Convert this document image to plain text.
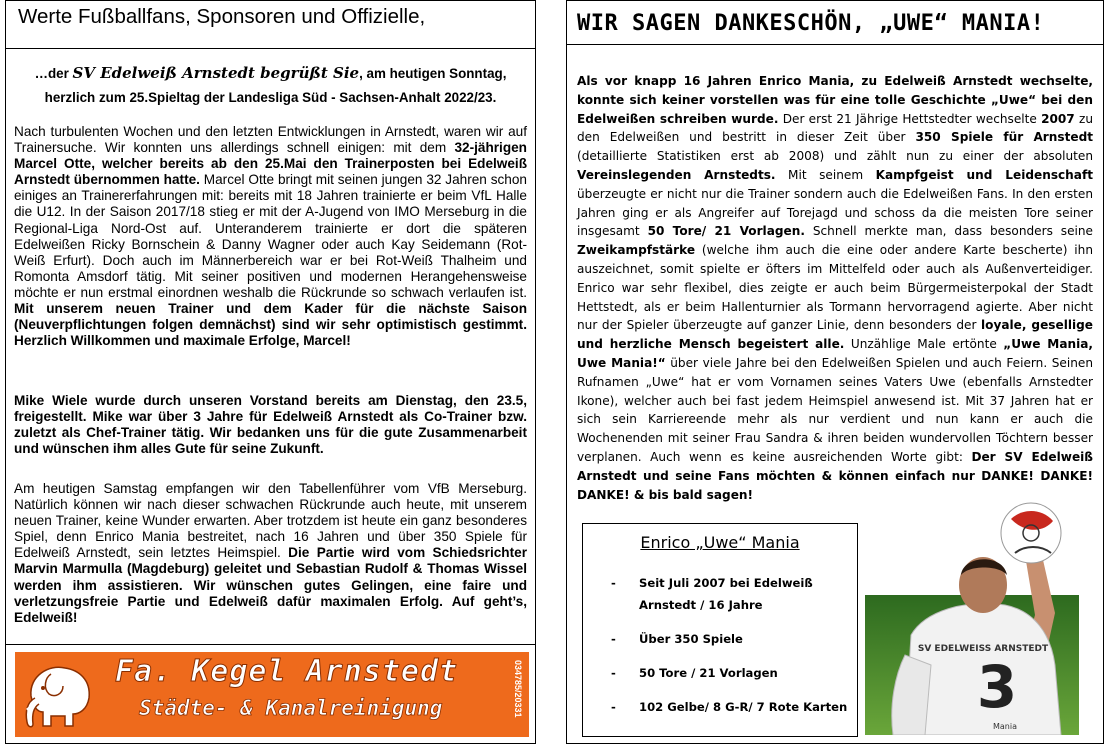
Werte Fußballfans, Sponsoren und Offizielle,
…der SV Edelweiß Arnstedt begrüßt Sie, am heutigen Sonntag, herzlich zum 25.Spieltag der Landesliga Süd - Sachsen-Anhalt 2022/23.
Nach turbulenten Wochen und den letzten Entwicklungen in Arnstedt, waren wir auf Trainersuche. Wir konnten uns allerdings schnell einigen: mit dem 32-jährigen Marcel Otte, welcher bereits ab den 25.Mai den Trainerposten bei Edelweiß Arnstedt übernommen hatte. Marcel Otte bringt mit seinen jungen 32 Jahren schon einiges an Trainererfahrungen mit: bereits mit 18 Jahren trainierte er beim VfL Halle die U12. In der Saison 2017/18 stieg er mit der A-Jugend von IMO Merseburg in die Regional-Liga Nord-Ost auf. Unteranderem trainierte er dort die späteren Edelweißen Ricky Bornschein & Danny Wagner oder auch Kay Seidemann (Rot-Weiß Erfurt). Doch auch im Männerbereich war er bei Rot-Weiß Thalheim und Romonta Amsdorf tätig. Mit seiner positiven und modernen Herangehensweise möchte er nun erstmal einordnen weshalb die Rückrunde so schwach verlaufen ist. Mit unserem neuen Trainer und dem Kader für die nächste Saison (Neuverpflichtungen folgen demnächst) sind wir sehr optimistisch gestimmt. Herzlich Willkommen und maximale Erfolge, Marcel!
Mike Wiele wurde durch unseren Vorstand bereits am Dienstag, den 23.5, freigestellt. Mike war über 3 Jahre für Edelweiß Arnstedt als Co-Trainer bzw. zuletzt als Chef-Trainer tätig. Wir bedanken uns für die gute Zusammenarbeit und wünschen ihm alles Gute für seine Zukunft.
Am heutigen Samstag empfangen wir den Tabellenführer vom VfB Merseburg. Natürlich können wir nach dieser schwachen Rückrunde auch heute, mit unserem neuen Trainer, keine Wunder erwarten. Aber trotzdem ist heute ein ganz besonderes Spiel, denn Enrico Mania bestreitet, nach 16 Jahren und über 350 Spiele für Edelweiß Arnstedt, sein letztes Heimspiel. Die Partie wird vom Schiedsrichter Marvin Marmulla (Magdeburg) geleitet und Sebastian Rudolf & Thomas Wissel werden ihm assistieren. Wir wünschen gutes Gelingen, eine faire und verletzungsfreie Partie und Edelweiß dafür maximalen Erfolg. Auf geht’s, Edelweiß!
Fa. Kegel Arnstedt
Städte- & Kanalreinigung	034785/20331
WIR SAGEN DANKESCHÖN, „UWE“ MANIA!
Als vor knapp 16 Jahren Enrico Mania, zu Edelweiß Arnstedt wechselte, konnte sich keiner vorstellen was für eine tolle Geschichte „Uwe“ bei den Edelweißen schreiben wurde. Der erst 21 Jährige Hettstedter wechselte 2007 zu den Edelweißen und bestritt in dieser Zeit über 350 Spiele für Arnstedt (detaillierte Statistiken erst ab 2008) und zählt nun zu einer der absoluten Vereinslegenden Arnstedts. Mit seinem Kampfgeist und Leidenschaft überzeugte er nicht nur die Trainer sondern auch die Edelweißen Fans. In den ersten Jahren ging er als Angreifer auf Torejagd und schoss da die meisten Tore seiner insgesamt 50 Tore/ 21 Vorlagen. Schnell merkte man, dass besonders seine Zweikampfstärke (welche ihm auch die eine oder andere Karte bescherte) ihn auszeichnet, somit spielte er öfters im Mittelfeld oder auch als Außenverteidiger. Enrico war sehr flexibel, dies zeigte er auch beim Bürgermeisterpokal der Stadt Hettstedt, als er beim Hallenturnier als Tormann hervorragend agierte. Aber nicht nur der Spieler überzeugte auf ganzer Linie, denn besonders der loyale, gesellige und herzliche Mensch begeistert alle. Unzählige Male ertönte „Uwe Mania, Uwe Mania!“ über viele Jahre bei den Edelweißen Spielen und auch Feiern. Seinen Rufnamen „Uwe“ hat er vom Vornamen seines Vaters Uwe (ebenfalls Arnstedter Ikone), welcher auch bei fast jedem Heimspiel anwesend ist. Mit 37 Jahren hat er sich sein Karriereende mehr als nur verdient und nun kann er auch die Wochenenden mit seiner Frau Sandra & ihren beiden wundervollen Töchtern besser verplanen. Auch wenn es keine ausreichenden Worte gibt: Der SV Edelweiß Arnstedt und seine Fans möchten & können einfach nur DANKE! DANKE! DANKE! & bis bald sagen!
Enrico „Uwe“ Mania
- Seit Juli 2007 bei Edelweiß
Arnstedt / 16 Jahre
- Über 350 Spiele
- 50 Tore / 21 Vorlagen
- 102 Gelbe/ 8 G-R/ 7 Rote Karten
SV EDELWEISS ARNSTEDT
3
Mania
